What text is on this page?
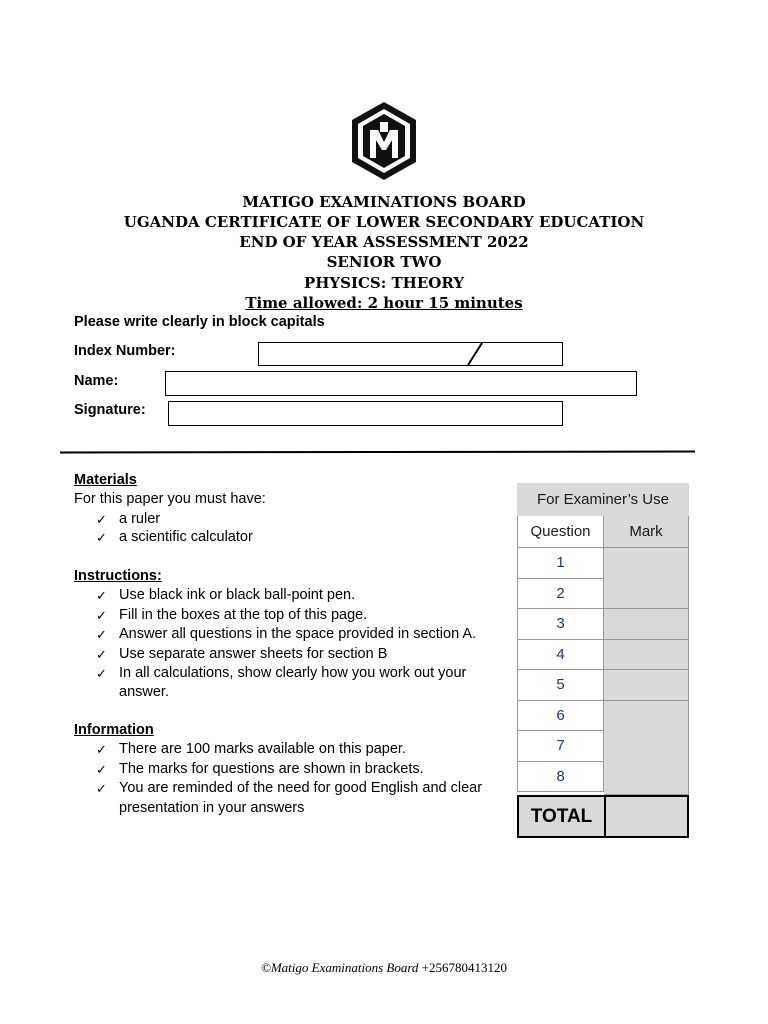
MATIGO EXAMINATIONS BOARD
UGANDA CERTIFICATE OF LOWER SECONDARY EDUCATION
END OF YEAR ASSESSMENT 2022
SENIOR TWO
PHYSICS: THEORY
Time allowed: 2 hour 15 minutes
Please write clearly in block capitals
Index Number:
Name:
Signature:
Materials
For this paper you must have:
✓ a ruler
✓ a scientific calculator
Instructions:
✓ Use black ink or black ball-point pen.
✓ Fill in the boxes at the top of this page.
✓ Answer all questions in the space provided in section A.
✓ Use separate answer sheets for section B
✓ In all calculations, show clearly how you work out your
answer.
Information
✓ There are 100 marks available on this paper.
✓ The marks for questions are shown in brackets.
✓ You are reminded of the need for good English and clear
presentation in your answers
For Examiner’s Use
Question	Mark
1
2
3
4
5
6
7
8
TOTAL
©Matigo Examinations Board +256780413120
